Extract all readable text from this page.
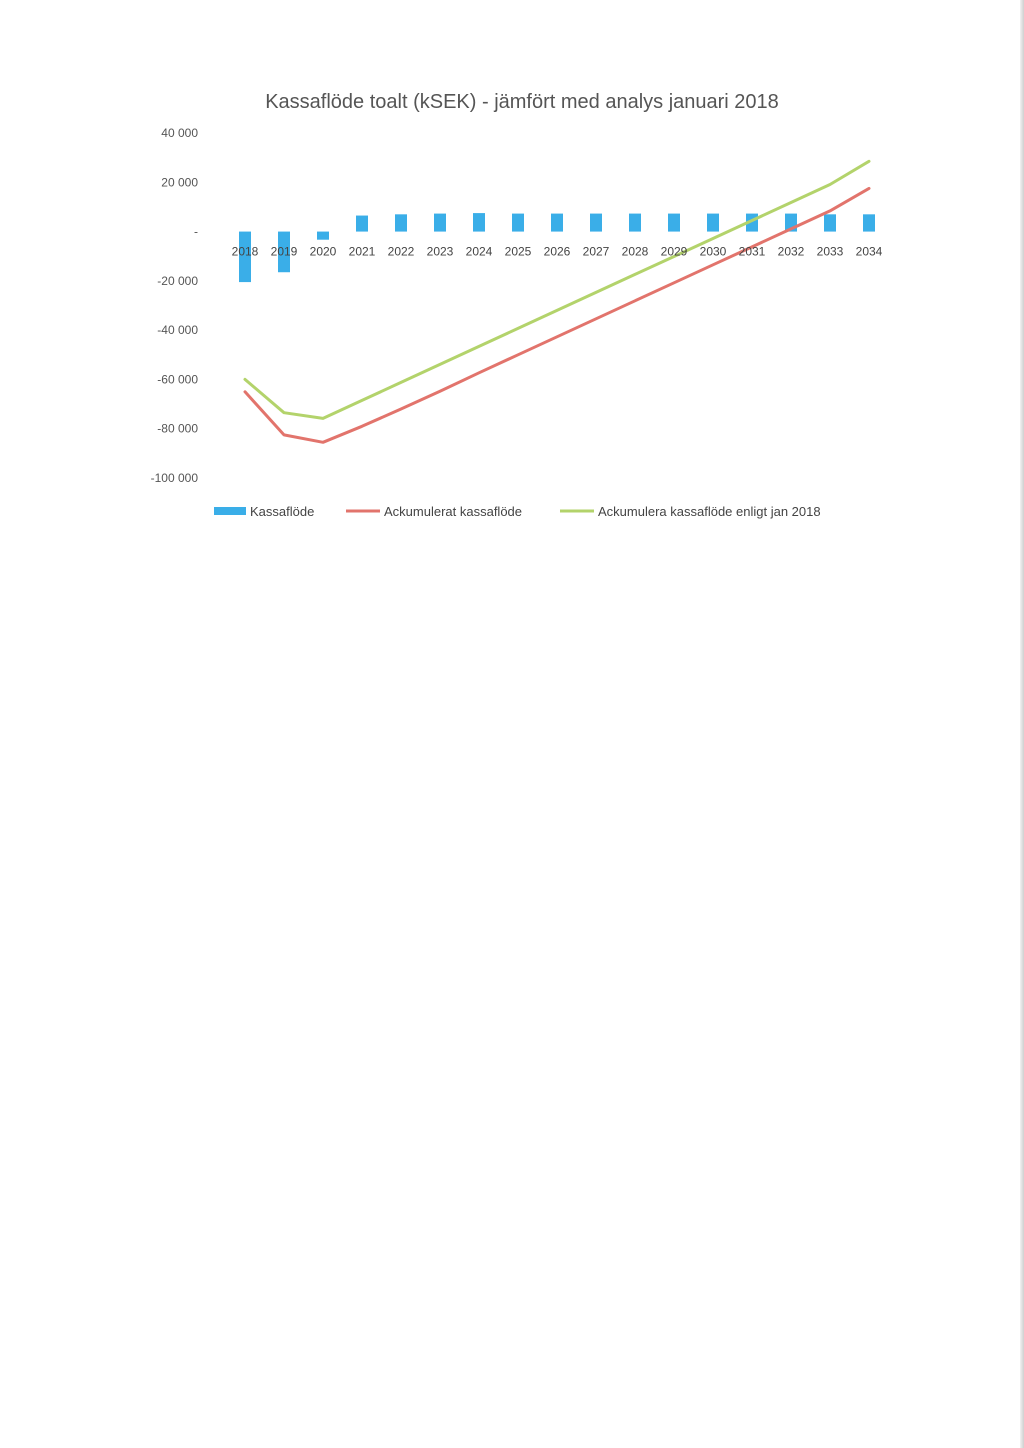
Kassaflöde toalt (kSEK) - jämfört med analys januari 2018
40 000
20 000
-
-20 000
-40 000
-60 000
-80 000
-100 000
2018 2019 2020 2021 2022 2023 2024 2025 2026 2027 2028 2029 2030 2031 2032 2033 2034
Kassaflöde	Ackumulerat kassaflöde	Ackumulera kassaflöde enligt jan 2018
